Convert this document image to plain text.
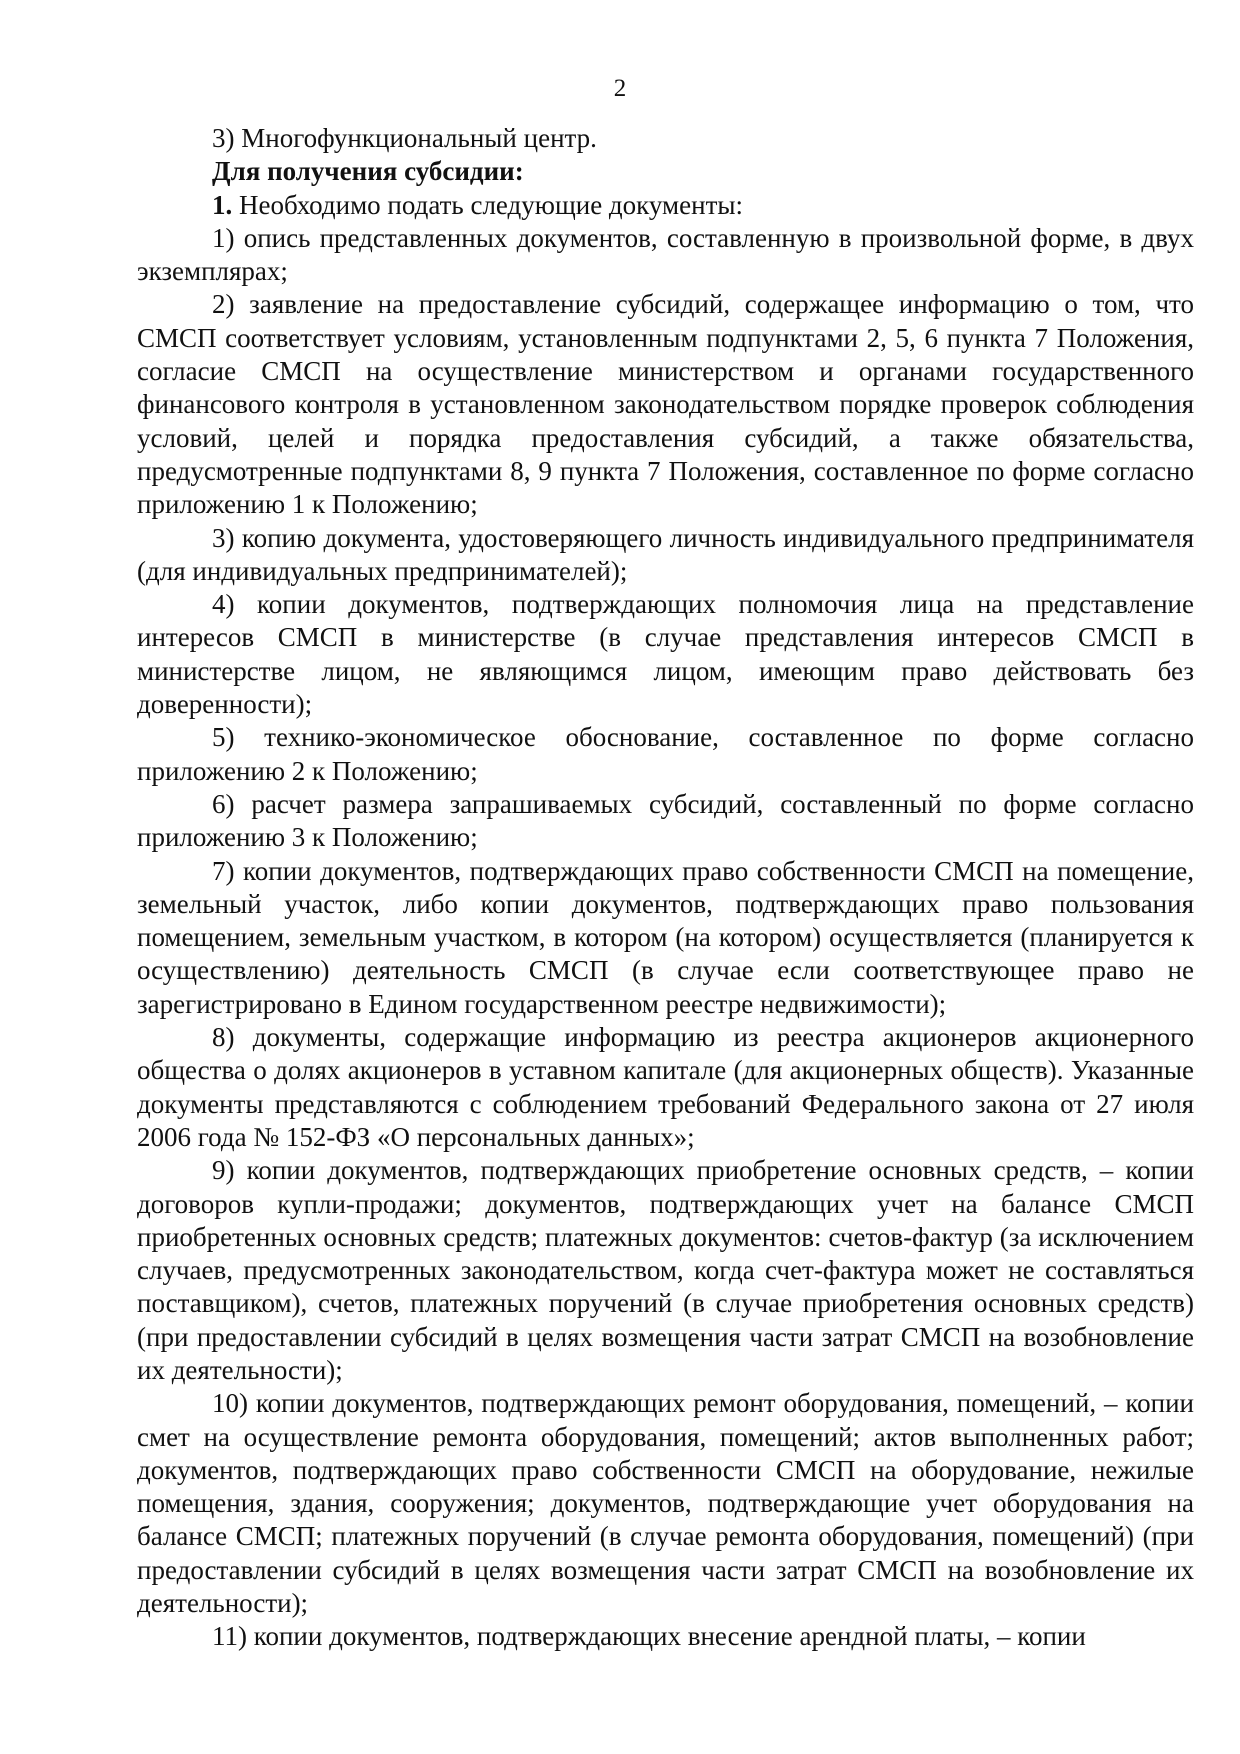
2

3) Многофункциональный центр.

Для получения субсидии:

1. Необходимо подать следующие документы:

1) опись представленных документов, составленную в произвольной форме, в двух экземплярах;

2) заявление на предоставление субсидий, содержащее информацию о том, что СМСП соответствует условиям, установленным подпунктами 2, 5, 6 пункта 7 Положения, согласие СМСП на осуществление министерством и органами государственного финансового контроля в установленном законодательством порядке проверок соблюдения условий, целей и порядка предоставления субсидий, а также обязательства, предусмотренные подпунктами 8, 9 пункта 7 Положения, составленное по форме согласно приложению 1 к Положению;

3) копию документа, удостоверяющего личность индивидуального предпринимателя (для индивидуальных предпринимателей);

4) копии документов, подтверждающих полномочия лица на представление интересов СМСП в министерстве (в случае представления интересов СМСП в министерстве лицом, не являющимся лицом, имеющим право действовать без доверенности);

5) технико-экономическое обоснование, составленное по форме согласно приложению 2 к Положению;

6) расчет размера запрашиваемых субсидий, составленный по форме согласно приложению 3 к Положению;

7) копии документов, подтверждающих право собственности СМСП на помещение, земельный участок, либо копии документов, подтверждающих право пользования помещением, земельным участком, в котором (на котором) осуществляется (планируется к осуществлению) деятельность СМСП (в случае если соответствующее право не зарегистрировано в Едином государственном реестре недвижимости);

8) документы, содержащие информацию из реестра акционеров акционерного общества о долях акционеров в уставном капитале (для акционерных обществ). Указанные документы представляются с соблюдением требований Федерального закона от 27 июля 2006 года № 152-ФЗ «О персональных данных»;

9) копии документов, подтверждающих приобретение основных средств, – копии договоров купли-продажи; документов, подтверждающих учет на балансе СМСП приобретенных основных средств; платежных документов: счетов-фактур (за исключением случаев, предусмотренных законодательством, когда счет-фактура может не составляться поставщиком), счетов, платежных поручений (в случае приобретения основных средств) (при предоставлении субсидий в целях возмещения части затрат СМСП на возобновление их деятельности);

10) копии документов, подтверждающих ремонт оборудования, помещений, – копии смет на осуществление ремонта оборудования, помещений; актов выполненных работ; документов, подтверждающих право собственности СМСП на оборудование, нежилые помещения, здания, сооружения; документов, подтверждающие учет оборудования на балансе СМСП; платежных поручений (в случае ремонта оборудования, помещений) (при предоставлении субсидий в целях возмещения части затрат СМСП на возобновление их деятельности);

11) копии документов, подтверждающих внесение арендной платы, – копии
